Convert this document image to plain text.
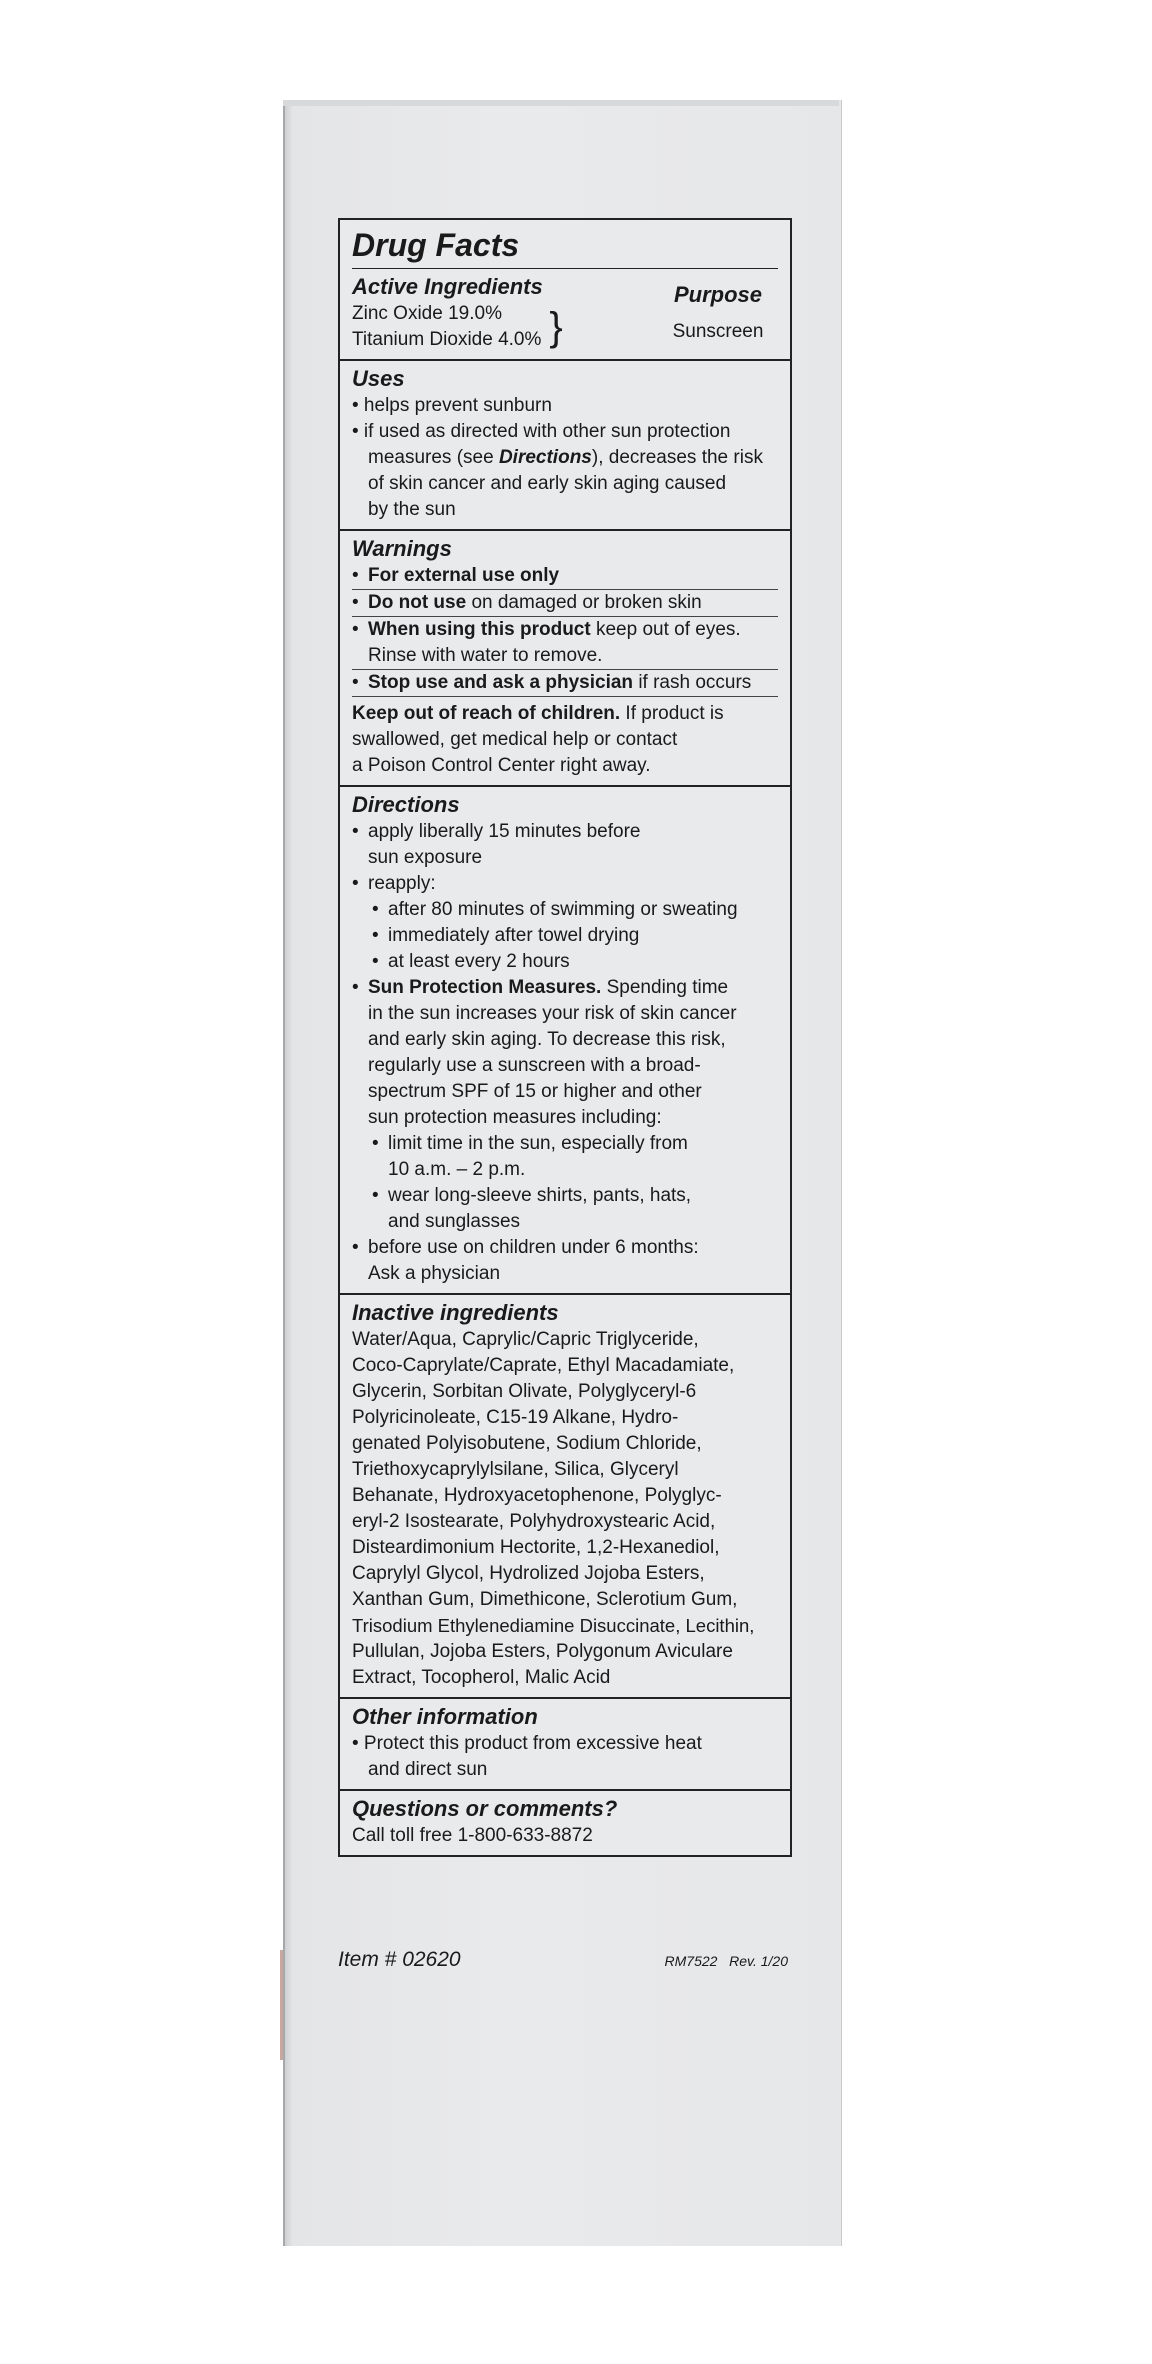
Drug Facts
Active Ingredients
Zinc Oxide 19.0%
Titanium Dioxide 4.0% }
Purpose
Sunscreen
Uses
• helps prevent sunburn
• if used as directed with other sun protection
measures (see Directions), decreases the risk
of skin cancer and early skin aging caused
by the sun
Warnings
• For external use only
• Do not use on damaged or broken skin
• When using this product keep out of eyes.
Rinse with water to remove.
• Stop use and ask a physician if rash occurs
Keep out of reach of children. If product is
swallowed, get medical help or contact
a Poison Control Center right away.
Directions
• apply liberally 15 minutes before
sun exposure
• reapply:
• after 80 minutes of swimming or sweating
• immediately after towel drying
• at least every 2 hours
• Sun Protection Measures. Spending time
in the sun increases your risk of skin cancer
and early skin aging. To decrease this risk,
regularly use a sunscreen with a broad-
spectrum SPF of 15 or higher and other
sun protection measures including:
• limit time in the sun, especially from
10 a.m. – 2 p.m.
• wear long-sleeve shirts, pants, hats,
and sunglasses
• before use on children under 6 months:
Ask a physician
Inactive ingredients
Water/Aqua, Caprylic/Capric Triglyceride,
Coco-Caprylate/Caprate, Ethyl Macadamiate,
Glycerin, Sorbitan Olivate, Polyglyceryl-6
Polyricinoleate, C15-19 Alkane, Hydro-
genated Polyisobutene, Sodium Chloride,
Triethoxycaprylylsilane, Silica, Glyceryl
Behanate, Hydroxyacetophenone, Polyglyc-
eryl-2 Isostearate, Polyhydroxystearic Acid,
Disteardimonium Hectorite, 1,2-Hexanediol,
Caprylyl Glycol, Hydrolized Jojoba Esters,
Xanthan Gum, Dimethicone, Sclerotium Gum,
Trisodium Ethylenediamine Disuccinate, Lecithin,
Pullulan, Jojoba Esters, Polygonum Aviculare
Extract, Tocopherol, Malic Acid
Other information
• Protect this product from excessive heat
and direct sun
Questions or comments?
Call toll free 1-800-633-8872
Item # 02620	RM7522 Rev. 1/20
